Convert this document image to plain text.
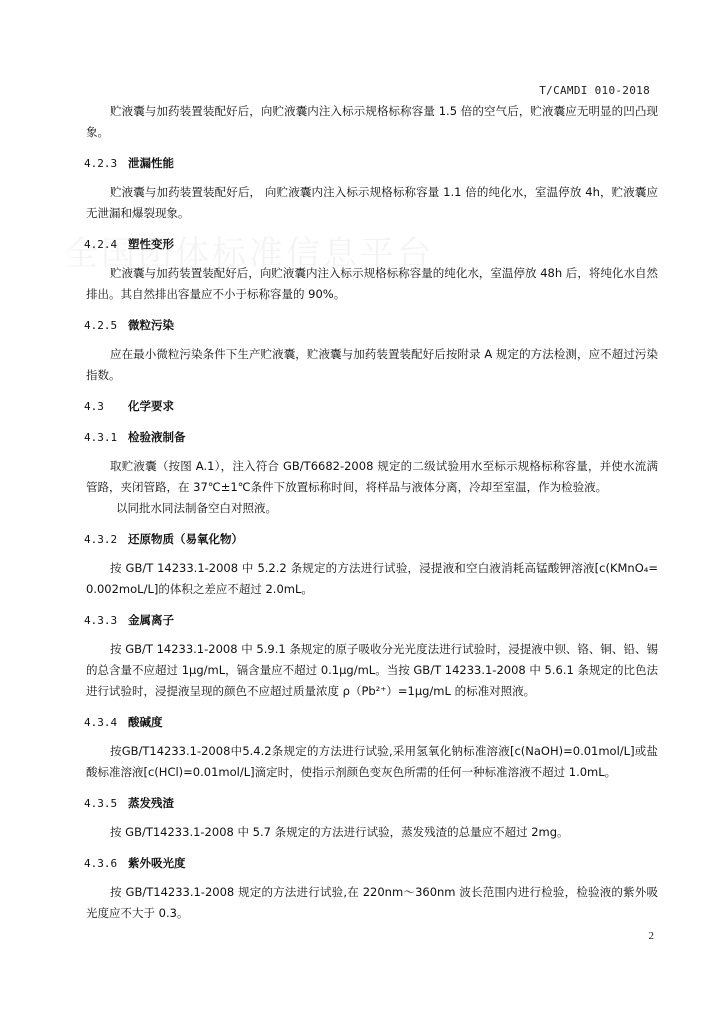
T/CAMDI 010-2018

贮液囊与加药装置装配好后，向贮液囊内注入标示规格标称容量 1.5 倍的空气后，贮液囊应无明显的凹凸现象。

4.2.3 泄漏性能

贮液囊与加药装置装配好后， 向贮液囊内注入标示规格标称容量 1.1 倍的纯化水，室温停放 4h，贮液囊应无泄漏和爆裂现象。

4.2.4 塑性变形

贮液囊与加药装置装配好后，向贮液囊内注入标示规格标称容量的纯化水，室温停放 48h 后，将纯化水自然排出。其自然排出容量应不小于标称容量的 90%。

4.2.5 微粒污染

应在最小微粒污染条件下生产贮液囊，贮液囊与加药装置装配好后按附录 A 规定的方法检测，应不超过污染指数。

4.3 化学要求
4.3.1 检验液制备

取贮液囊（按图 A.1），注入符合 GB/T6682-2008 规定的二级试验用水至标示规格标称容量，并使水流满管路，夹闭管路，在 37℃±1℃条件下放置标称时间，将样品与液体分离，冷却至室温，作为检验液。

以同批水同法制备空白对照液。

4.3.2 还原物质（易氧化物）

按 GB/T 14233.1-2008 中 5.2.2 条规定的方法进行试验，浸提液和空白液消耗高锰酸钾溶液[c(KMnO₄=0.002moL/L]的体积之差应不超过 2.0mL。

4.3.3 金属离子

按 GB/T 14233.1-2008 中 5.9.1 条规定的原子吸收分光光度法进行试验时，浸提液中钡、铬、铜、铅、锡的总含量不应超过 1μg/mL，镉含量应不超过 0.1μg/mL。当按 GB/T 14233.1-2008 中 5.6.1 条规定的比色法进行试验时，浸提液呈现的颜色不应超过质量浓度 ρ（Pb²⁺）=1μg/mL 的标准对照液。

4.3.4 酸碱度

按GB/T14233.1-2008中5.4.2条规定的方法进行试验,采用氢氧化钠标准溶液[c(NaOH)=0.01mol/L]或盐酸标准溶液[c(HCl)=0.01mol/L]滴定时，使指示剂颜色变灰色所需的任何一种标准溶液不超过 1.0mL。

4.3.5 蒸发残渣

按 GB/T14233.1-2008 中 5.7 条规定的方法进行试验，蒸发残渣的总量应不超过 2mg。

4.3.6 紫外吸光度

按 GB/T14233.1-2008 规定的方法进行试验,在 220nm～360nm 波长范围内进行检验，检验液的紫外吸光度应不大于 0.3。

2
